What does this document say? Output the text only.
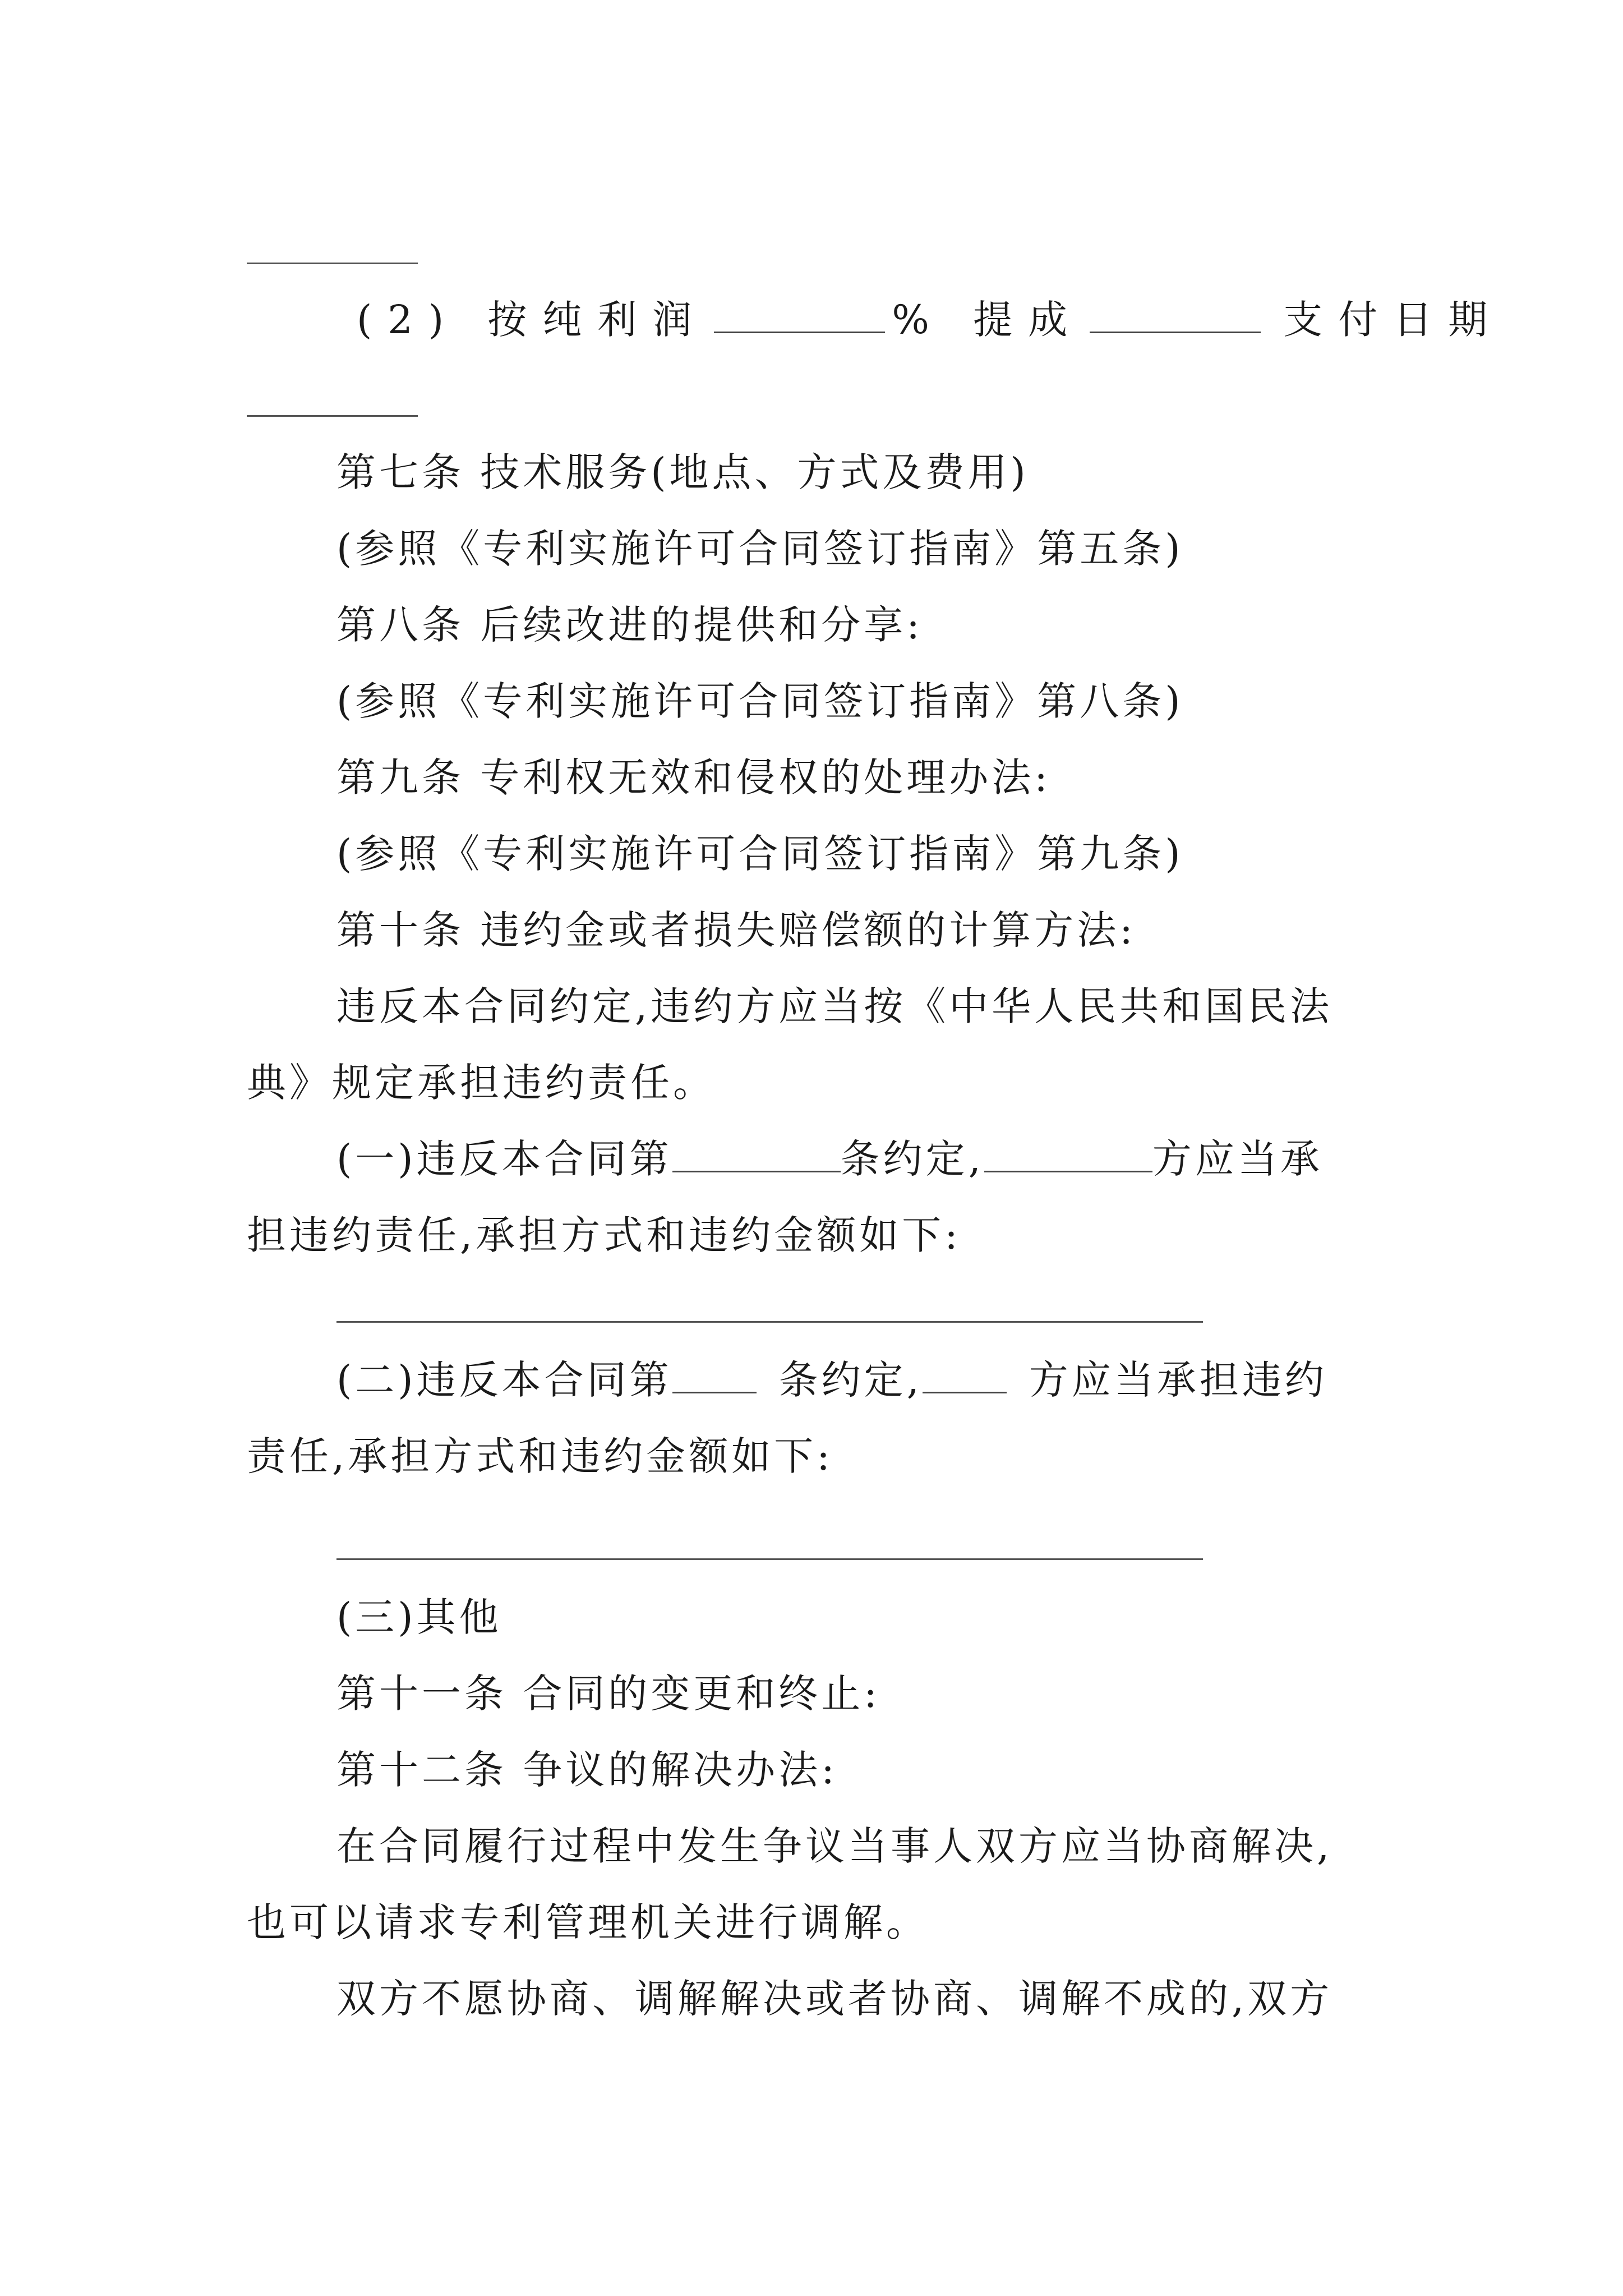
(2) 按纯利润	% 提成	支付日期
第七条 技术服务(地点、方式及费用)
(参照《专利实施许可合同签订指南》第五条)
第八条 后续改进的提供和分享:
(参照《专利实施许可合同签订指南》第八条)
第九条 专利权无效和侵权的处理办法:
(参照《专利实施许可合同签订指南》第九条)
第十条 违约金或者损失赔偿额的计算方法:
违反本合同约定,违约方应当按《中华人民共和国民法
典》规定承担违约责任。
(一)违反本合同第	条约定,	方应当承
担违约责任,承担方式和违约金额如下:
(二)违反本合同第	条约定,	方应当承担违约
责任,承担方式和违约金额如下:
(三)其他
第十一条 合同的变更和终止:
第十二条 争议的解决办法:
在合同履行过程中发生争议当事人双方应当协商解决,
也可以请求专利管理机关进行调解。
双方不愿协商、调解解决或者协商、调解不成的,双方
